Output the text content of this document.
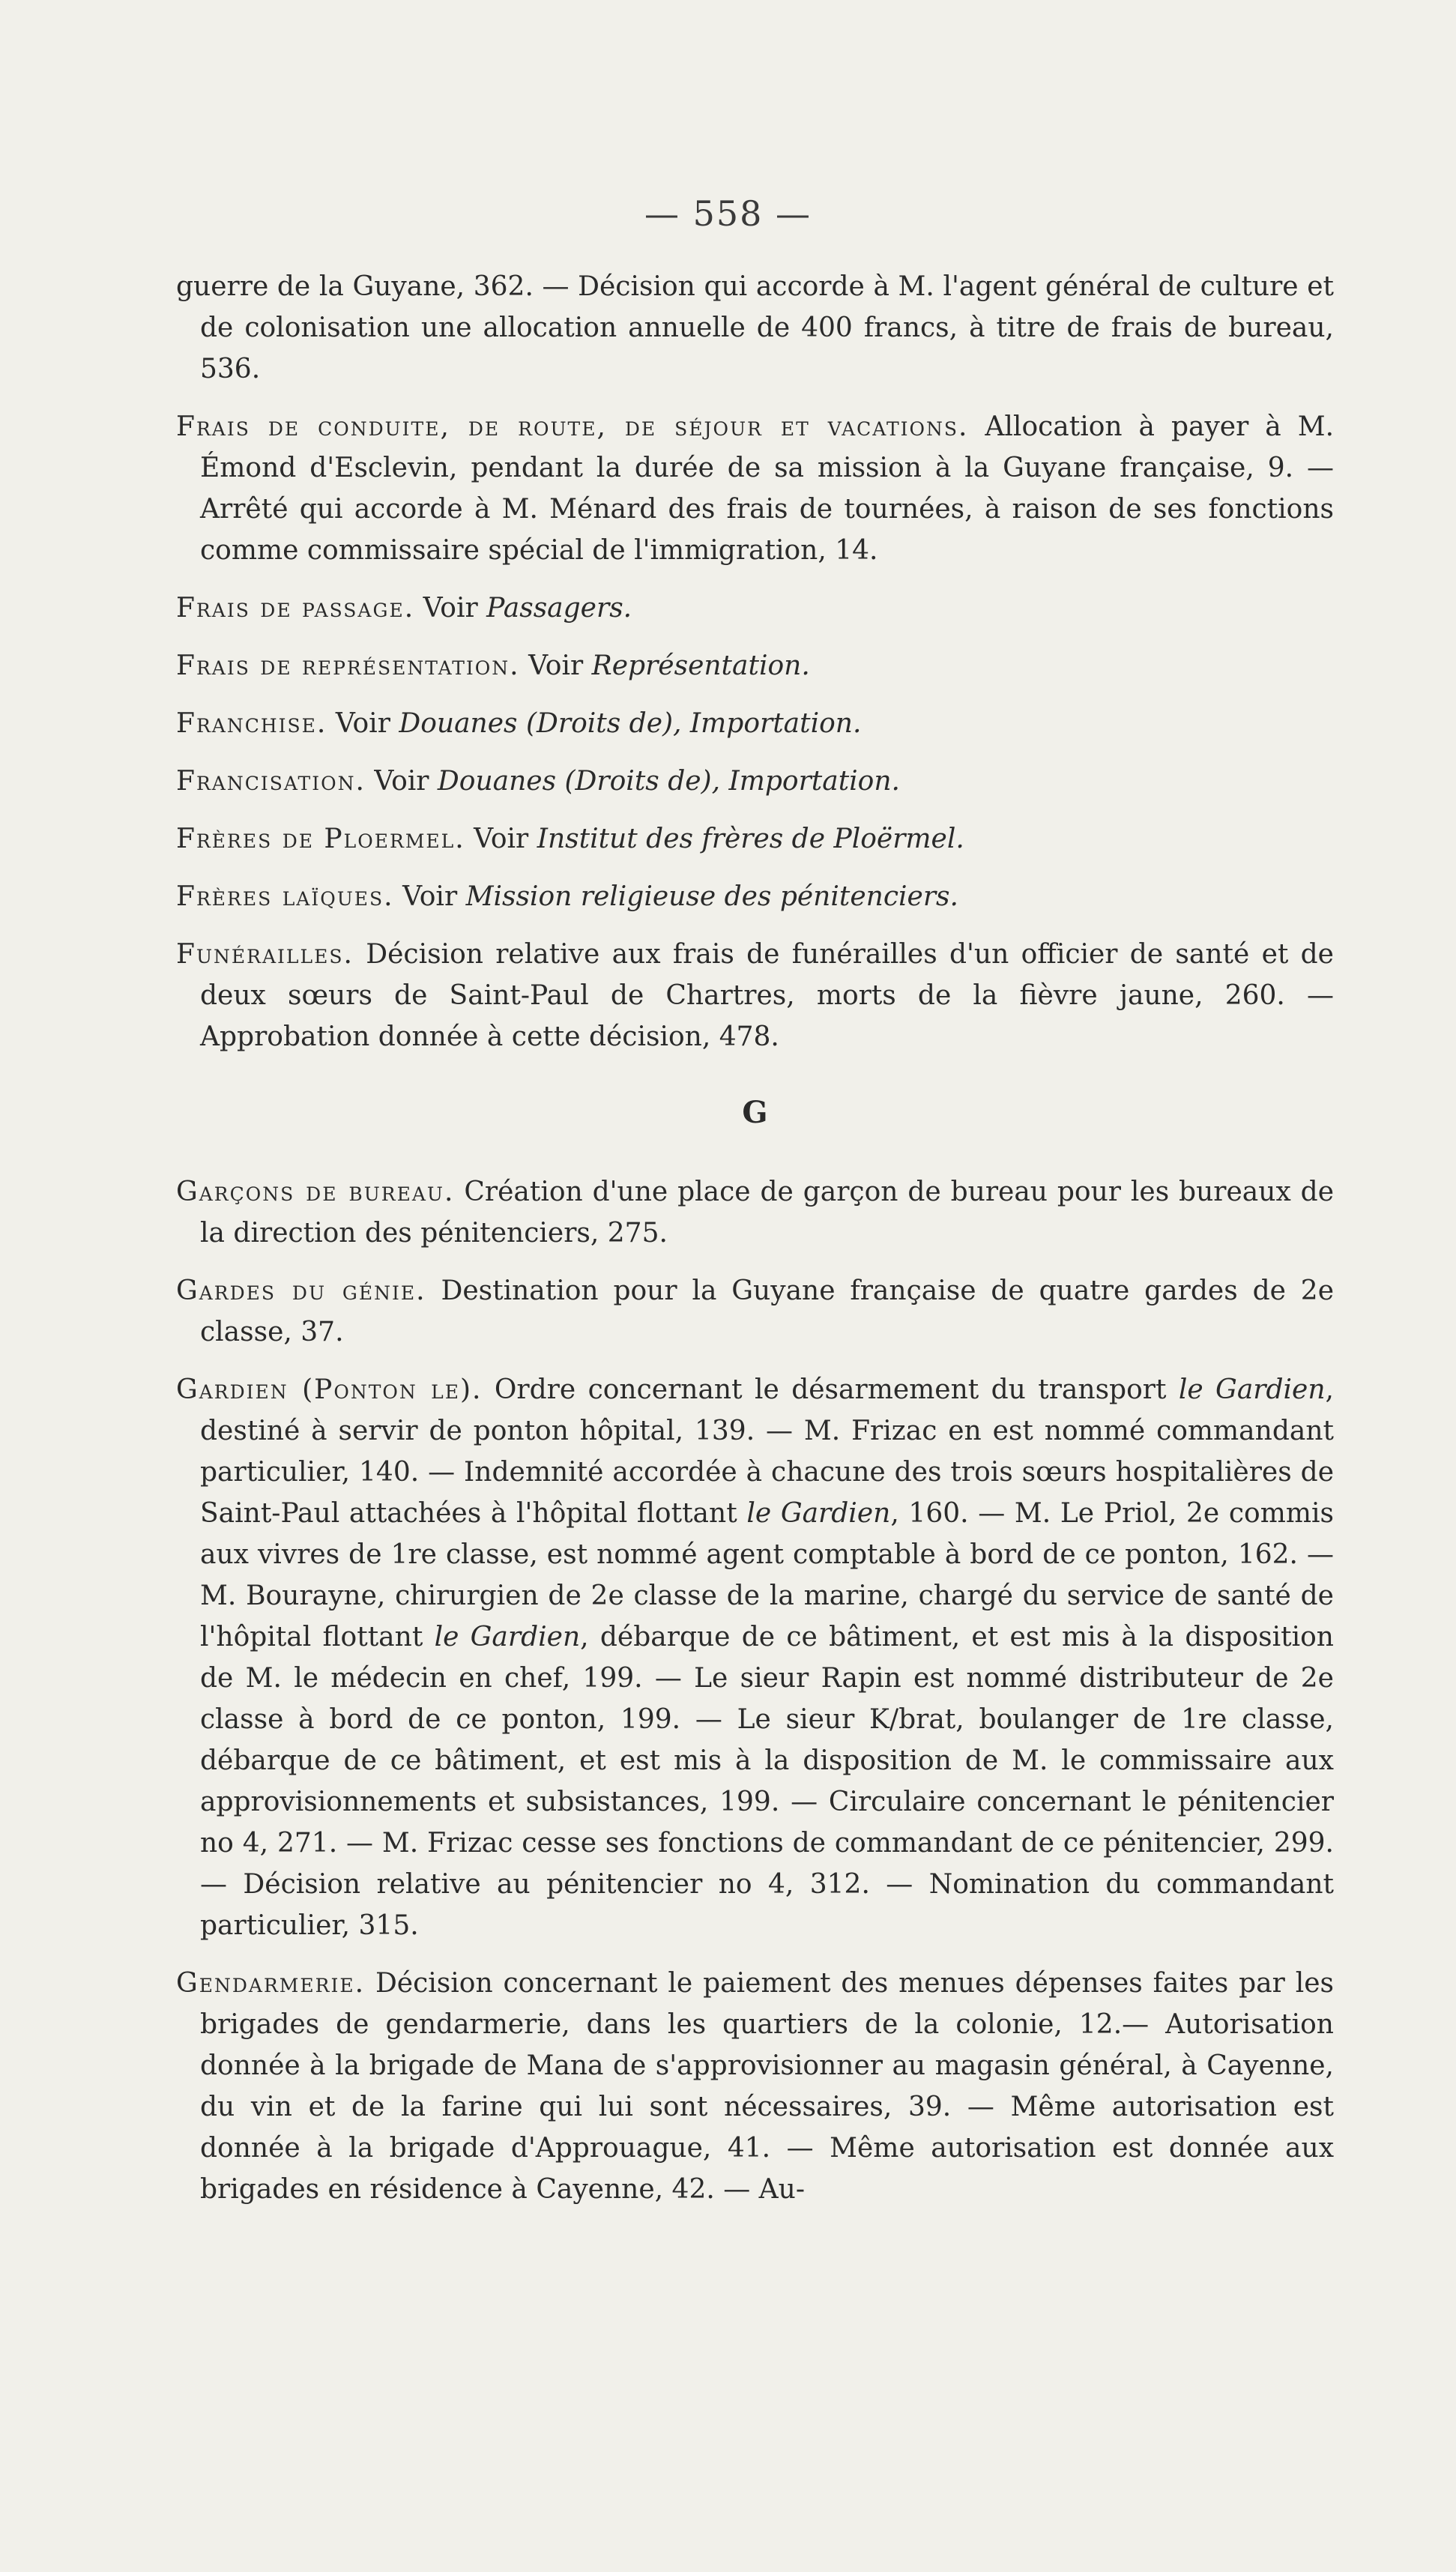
— 558 —

guerre de la Guyane, 362. — Décision qui accorde à M. l'agent général de culture et de colonisation une allocation annuelle de 400 francs, à titre de frais de bureau, 536.

Frais de conduite, de route, de séjour et vacations. Allocation à payer à M. Émond d'Esclevin, pendant la durée de sa mission à la Guyane française, 9. — Arrêté qui accorde à M. Ménard des frais de tournées, à raison de ses fonctions comme commissaire spécial de l'immigration, 14.

Frais de passage. Voir Passagers.

Frais de représentation. Voir Représentation.

Franchise. Voir Douanes (Droits de), Importation.

Francisation. Voir Douanes (Droits de), Importation.

Frères de Ploermel. Voir Institut des frères de Ploërmel.

Frères laïques. Voir Mission religieuse des pénitenciers.

Funérailles. Décision relative aux frais de funérailles d'un officier de santé et de deux sœurs de Saint-Paul de Chartres, morts de la fièvre jaune, 260. — Approbation donnée à cette décision, 478.

G

Garçons de bureau. Création d'une place de garçon de bureau pour les bureaux de la direction des pénitenciers, 275.

Gardes du génie. Destination pour la Guyane française de quatre gardes de 2e classe, 37.

Gardien (Ponton le). Ordre concernant le désarmement du transport le Gardien, destiné à servir de ponton hôpital, 139. — M. Frizac en est nommé commandant particulier, 140. — Indemnité accordée à chacune des trois sœurs hospitalières de Saint-Paul attachées à l'hôpital flottant le Gardien, 160. — M. Le Priol, 2e commis aux vivres de 1re classe, est nommé agent comptable à bord de ce ponton, 162. — M. Bourayne, chirurgien de 2e classe de la marine, chargé du service de santé de l'hôpital flottant le Gardien, débarque de ce bâtiment, et est mis à la disposition de M. le médecin en chef, 199. — Le sieur Rapin est nommé distributeur de 2e classe à bord de ce ponton, 199. — Le sieur K/brat, boulanger de 1re classe, débarque de ce bâtiment, et est mis à la disposition de M. le commissaire aux approvisionnements et subsistances, 199. — Circulaire concernant le pénitencier no 4, 271. — M. Frizac cesse ses fonctions de commandant de ce pénitencier, 299. — Décision relative au pénitencier no 4, 312. — Nomination du commandant particulier, 315.

Gendarmerie. Décision concernant le paiement des menues dépenses faites par les brigades de gendarmerie, dans les quartiers de la colonie, 12.— Autorisation donnée à la brigade de Mana de s'approvisionner au magasin général, à Cayenne, du vin et de la farine qui lui sont nécessaires, 39. — Même autorisation est donnée à la brigade d'Approuague, 41. — Même autorisation est donnée aux brigades en résidence à Cayenne, 42. — Au-
